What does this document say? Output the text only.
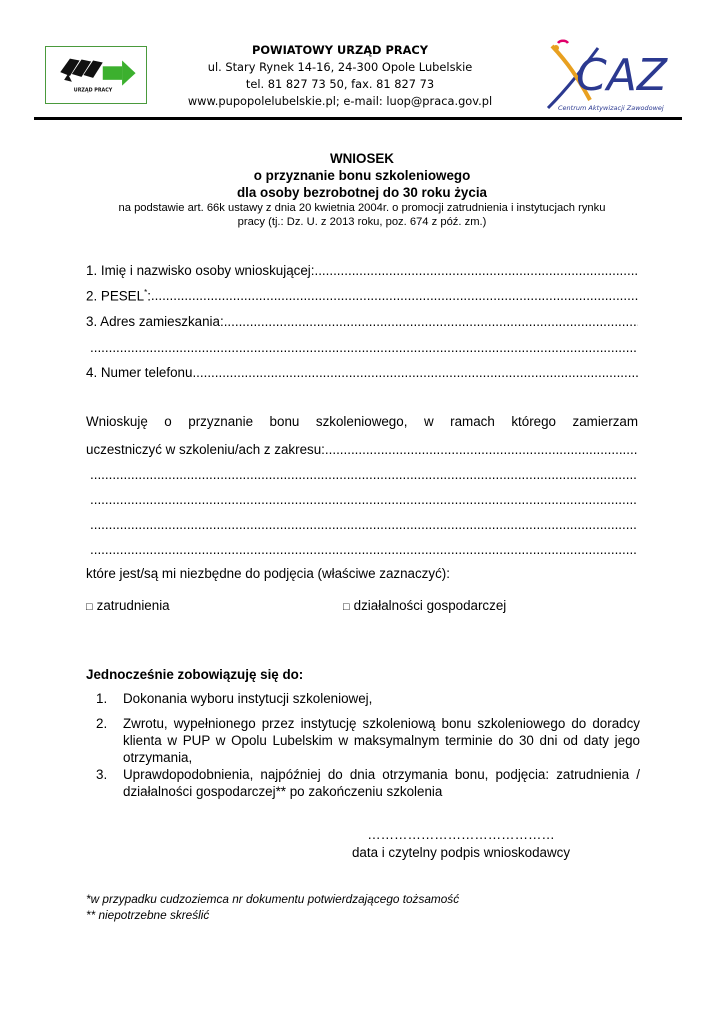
URZĄD PRACY
POWIATOWY URZĄD PRACY
ul. Stary Rynek 14-16, 24-300 Opole Lubelskie
tel. 81 827 73 50, fax. 81 827 73
www.pupopolelubelskie.pl; e-mail: luop@praca.gov.pl CAZ
Centrum Aktywizacji Zawodowej
WNIOSEK
o przyznanie bonu szkoleniowego
dla osoby bezrobotnej do 30 roku życia
na podstawie art. 66k ustawy z dnia 20 kwietnia 2004r. o promocji zatrudnienia i instytucjach rynku
pracy (tj.: Dz. U. z 2013 roku, poz. 674 z póź. zm.)
1. Imię i nazwisko osoby wnioskującej:
.....
2. PESEL*:
.....
3. Adres zamieszkania:
.....
.....
4. Numer telefonu
.....
Wnioskuję o przyznanie bonu szkoleniowego, w ramach którego zamierzam
uczestniczyć w szkoleniu/ach z zakresu:
.....
.....
.....
.....
.....
które jest/są mi niezbędne do podjęcia (właściwe zaznaczyć):
□ zatrudnienia	□ działalności gospodarczej
Jednocześnie zobowiązuję się do:
1.	Dokonania wyboru instytucji szkoleniowej,
2.	Zwrotu, wypełnionego przez instytucję szkoleniową bonu szkoleniowego do doradcy klienta w PUP w Opolu Lubelskim w maksymalnym terminie do 30 dni od daty jego otrzymania,
3.	Uprawdopodobnienia, najpóźniej do dnia otrzymania bonu, podjęcia: zatrudnienia / działalności gospodarczej** po zakończeniu szkolenia
……………………………………
data i czytelny podpis wnioskodawcy
*w przypadku cudzoziemca nr dokumentu potwierdzającego tożsamość
** niepotrzebne skreślić
